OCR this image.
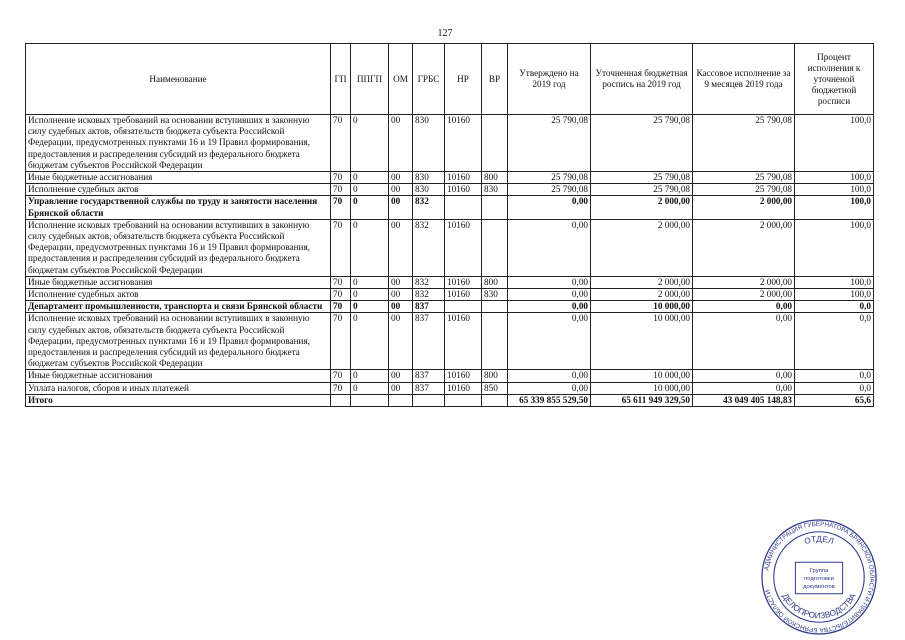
127
Наименование	ГП	ППГП	ОМ	ГРБС	НР	ВР	Утверждено на 2019 год	Уточненная бюджетная роспись на 2019 год	Кассовое исполнение за 9 месяцев 2019 года	Процент исполнения к уточненой бюджетной росписи
Исполнение исковых требований на основании вступивших в законную силу судебных актов, обязательств бюджета субъекта Российской Федерации, предусмотренных пунктами 16 и 19 Правил формирования, предоставления и распределения субсидий из федерального бюджета бюджетам субъектов Российской Федерации	70	0	00	830	10160		25 790,08	25 790,08	25 790,08	100,0
Иные бюджетные ассигнования	70	0	00	830	10160	800	25 790,08	25 790,08	25 790,08	100,0
Исполнение судебных актов	70	0	00	830	10160	830	25 790,08	25 790,08	25 790,08	100,0
Управление государственной службы по труду и занятости населения Брянской области	70	0	00	832			0,00	2 000,00	2 000,00	100,0
Исполнение исковых требований на основании вступивших в законную силу судебных актов, обязательств бюджета субъекта Российской Федерации, предусмотренных пунктами 16 и 19 Правил формирования, предоставления и распределения субсидий из федерального бюджета бюджетам субъектов Российской Федерации	70	0	00	832	10160		0,00	2 000,00	2 000,00	100,0
Иные бюджетные ассигнования	70	0	00	832	10160	800	0,00	2 000,00	2 000,00	100,0
Исполнение судебных актов	70	0	00	832	10160	830	0,00	2 000,00	2 000,00	100,0
Департамент промышленности, транспорта и связи Брянской области	70	0	00	837			0,00	10 000,00	0,00	0,0
Исполнение исковых требований на основании вступивших в законную силу судебных актов, обязательств бюджета субъекта Российской Федерации, предусмотренных пунктами 16 и 19 Правил формирования, предоставления и распределения субсидий из федерального бюджета бюджетам субъектов Российской Федерации	70	0	00	837	10160		0,00	10 000,00	0,00	0,0
Иные бюджетные ассигнования	70	0	00	837	10160	800	0,00	10 000,00	0,00	0,0
Уплата налогов, сборов и иных платежей	70	0	00	837	10160	850	0,00	10 000,00	0,00	0,0
Итого							65 339 855 529,50	65 611 949 329,50	43 049 405 148,83	65,6
АДМИНИСТРАЦИЯ ГУБЕРНАТОРА БРЯНСКОЙ ОБЛАСТИ И ПРАВИТЕЛЬСТВА БРЯНСКОЙ ОБЛАСТИ
ОТДЕЛ
ДЕЛОПРОИЗВОДСТВА
Группа
подготовки
документов
